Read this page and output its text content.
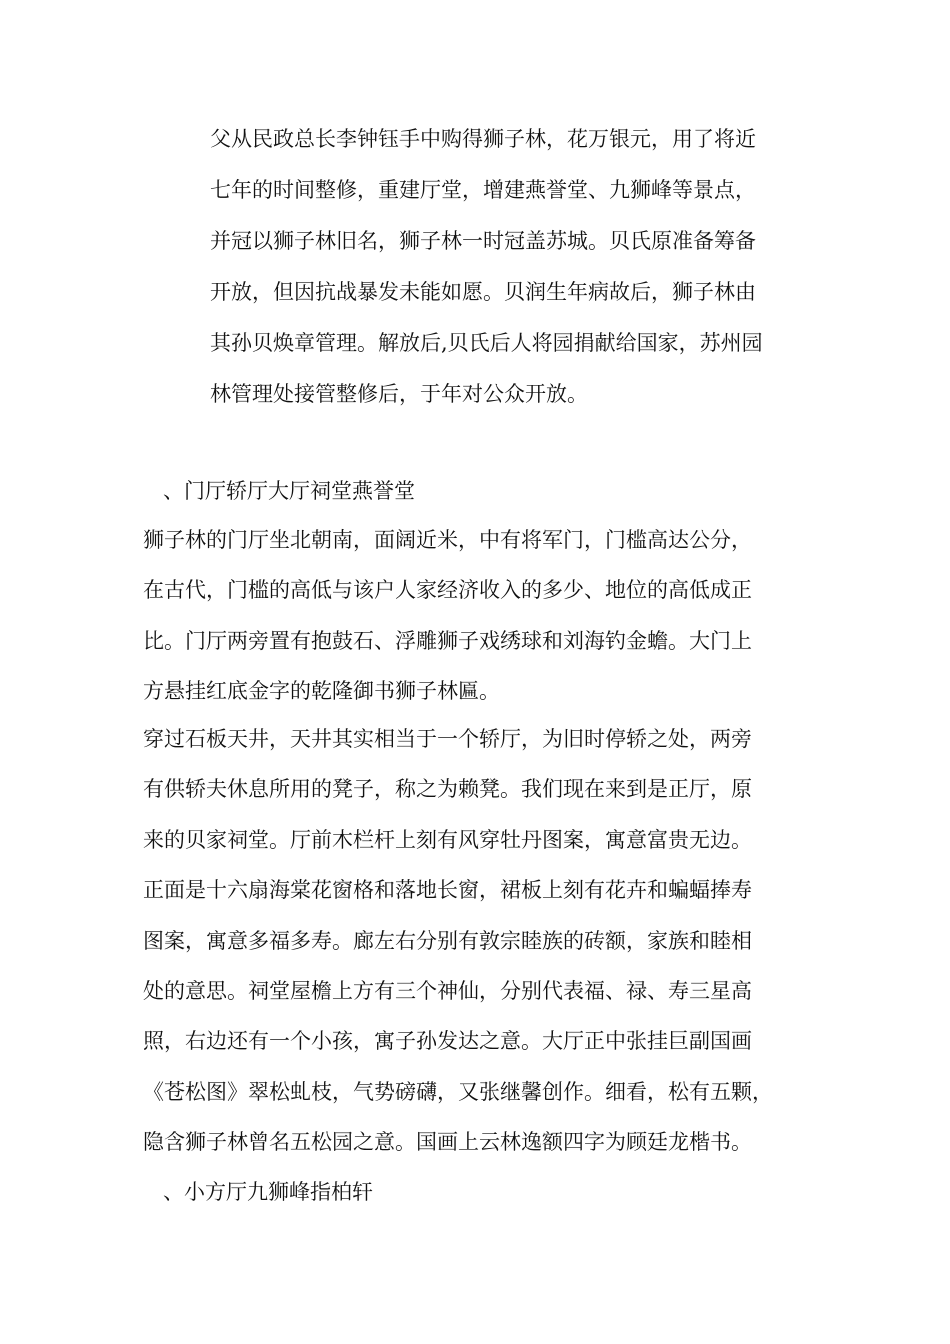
父从民政总长李钟钰手中购得狮子林，花万银元，用了将近

七年的时间整修，重建厅堂，增建燕誉堂、九狮峰等景点，

并冠以狮子林旧名，狮子林一时冠盖苏城。贝氏原准备筹备

开放，但因抗战暴发未能如愿。贝润生年病故后，狮子林由

其孙贝焕章管理。解放后,贝氏后人将园捐献给国家，苏州园

林管理处接管整修后，于年对公众开放。

、门厅轿厅大厅祠堂燕誉堂

狮子林的门厅坐北朝南，面阔近米，中有将军门，门槛高达公分，

在古代，门槛的高低与该户人家经济收入的多少、地位的高低成正

比。门厅两旁置有抱鼓石、浮雕狮子戏绣球和刘海钓金蟾。大门上

方悬挂红底金字的乾隆御书狮子林匾。

穿过石板天井，天井其实相当于一个轿厅，为旧时停轿之处，两旁

有供轿夫休息所用的凳子，称之为赖凳。我们现在来到是正厅，原

来的贝家祠堂。厅前木栏杆上刻有风穿牡丹图案，寓意富贵无边。

正面是十六扇海棠花窗格和落地长窗，裙板上刻有花卉和蝙蝠捧寿

图案，寓意多福多寿。廊左右分别有敦宗睦族的砖额，家族和睦相

处的意思。祠堂屋檐上方有三个神仙，分别代表福、禄、寿三星高

照，右边还有一个小孩，寓子孙发达之意。大厅正中张挂巨副国画

《苍松图》翠松虬枝，气势磅礴，又张继馨创作。细看，松有五颗，

隐含狮子林曾名五松园之意。国画上云林逸额四字为顾廷龙楷书。

、小方厅九狮峰指柏轩
